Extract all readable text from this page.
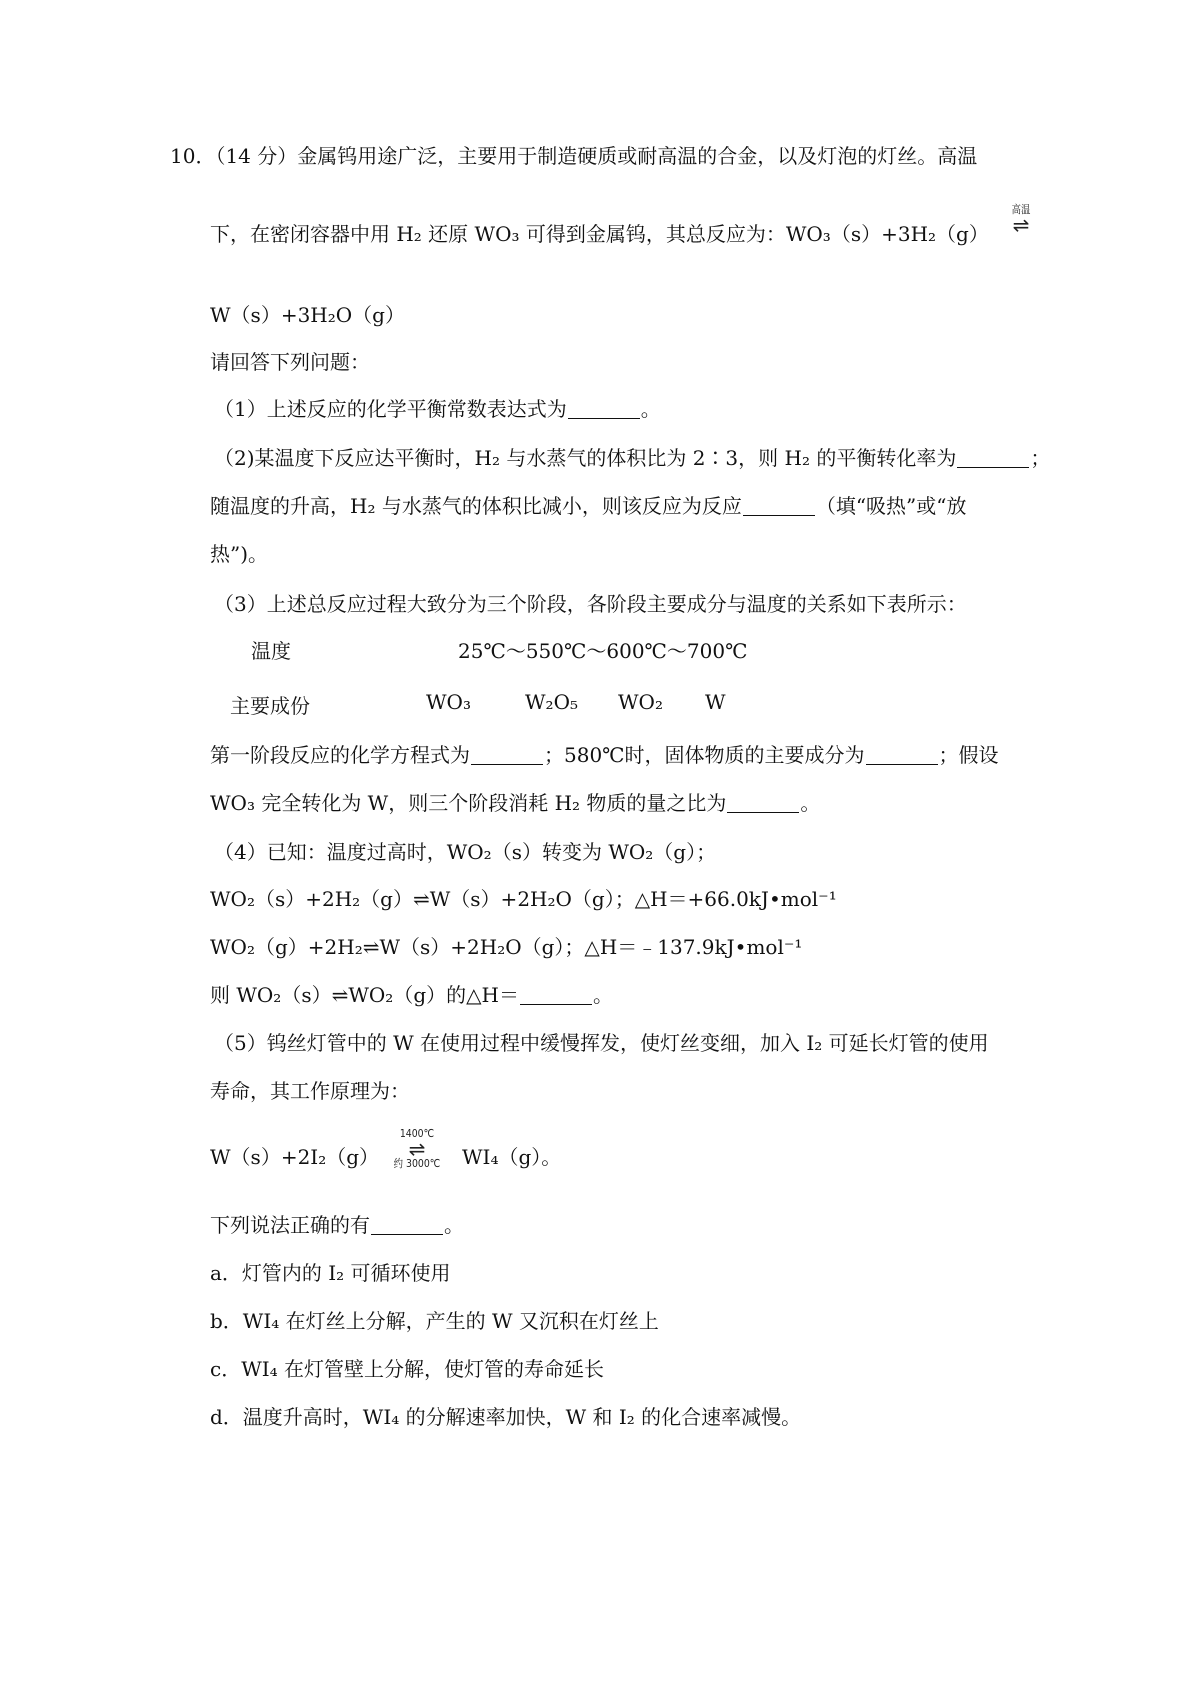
10．（14 分）金属钨用途广泛，主要用于制造硬质或耐高温的合金，以及灯泡的灯丝。高温
下，在密闭容器中用 H₂ 还原 WO₃ 可得到金属钨，其总反应为：WO₃（s）+3H₂（g）
高温
⇌
W（s）+3H₂O（g）
请回答下列问题：
（1）上述反应的化学平衡常数表达式为	。
（2)某温度下反应达平衡时，H₂ 与水蒸气的体积比为 2∶3，则 H₂ 的平衡转化率为	；
随温度的升高，H₂ 与水蒸气的体积比减小，则该反应为反应	（填“吸热”或“放
热”)。
（3）上述总反应过程大致分为三个阶段，各阶段主要成分与温度的关系如下表所示：
温度	25℃～550℃～600℃～700℃
主要成份	WO₃	W₂O₅ WO₂ W
第一阶段反应的化学方程式为	；580℃时，固体物质的主要成分为	；假设
WO₃ 完全转化为 W，则三个阶段消耗 H₂ 物质的量之比为	。
（4）已知：温度过高时，WO₂（s）转变为 WO₂（g）；
WO₂（s）+2H₂（g）⇌W（s）+2H₂O（g）；△H＝+66.0kJ•mol⁻¹
WO₂（g）+2H₂⇌W（s）+2H₂O（g）；△H＝﹣137.9kJ•mol⁻¹
则 WO₂（s）⇌WO₂（g）的△H＝	。
（5）钨丝灯管中的 W 在使用过程中缓慢挥发，使灯丝变细，加入 I₂ 可延长灯管的使用
寿命，其工作原理为：
W（s）+2I₂（g）
1400℃
⇌
约 3000℃	WI₄（g）。
下列说法正确的有	。
a．灯管内的 I₂ 可循环使用
b．WI₄ 在灯丝上分解，产生的 W 又沉积在灯丝上
c．WI₄ 在灯管壁上分解，使灯管的寿命延长
d．温度升高时，WI₄ 的分解速率加快，W 和 I₂ 的化合速率减慢。
